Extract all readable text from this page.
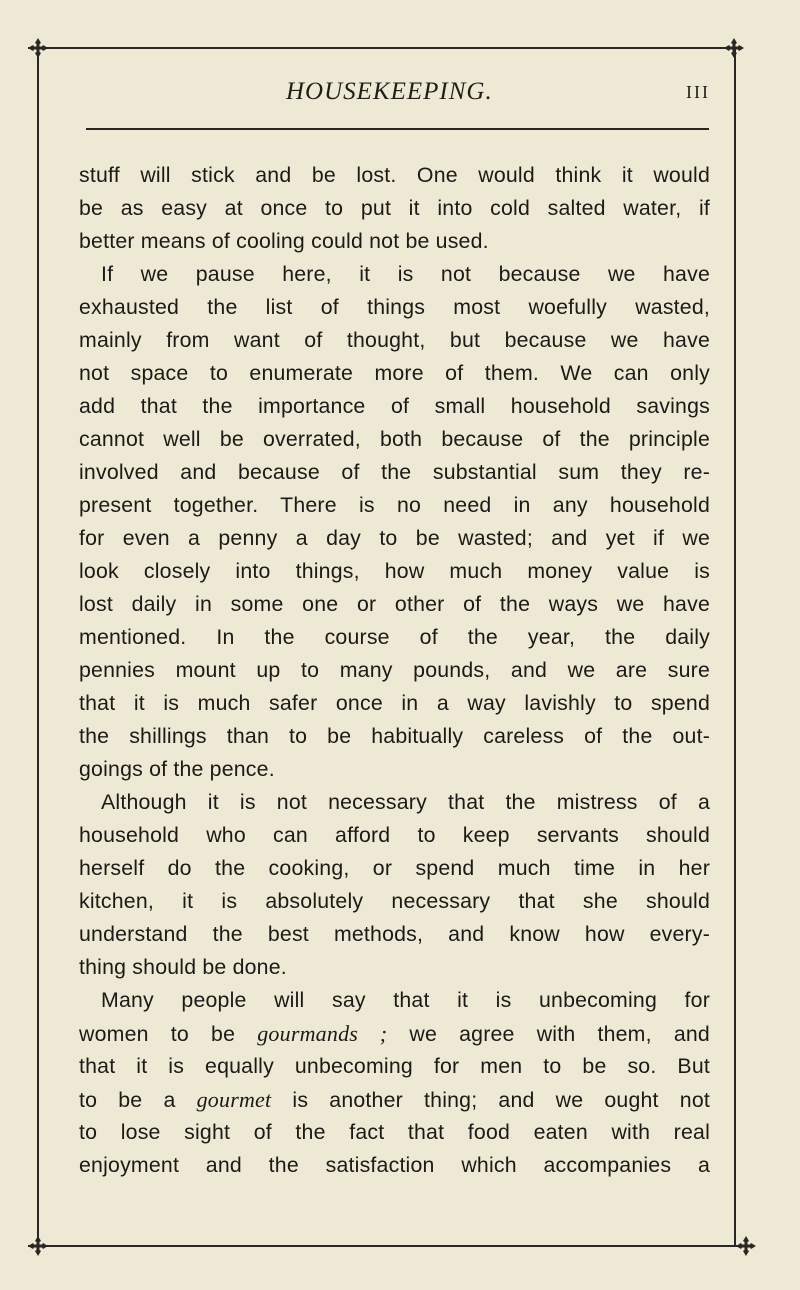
HOUSEKEEPING.	III
stuff will stick and be lost. One would think it would
be as easy at once to put it into cold salted water, if
better means of cooling could not be used.
If we pause here, it is not because we have
exhausted the list of things most woefully wasted,
mainly from want of thought, but because we have
not space to enumerate more of them. We can only
add that the importance of small household savings
cannot well be overrated, both because of the principle
involved and because of the substantial sum they re-
present together. There is no need in any household
for even a penny a day to be wasted; and yet if we
look closely into things, how much money value is
lost daily in some one or other of the ways we have
mentioned. In the course of the year, the daily
pennies mount up to many pounds, and we are sure
that it is much safer once in a way lavishly to spend
the shillings than to be habitually careless of the out-
goings of the pence.
Although it is not necessary that the mistress of a
household who can afford to keep servants should
herself do the cooking, or spend much time in her
kitchen, it is absolutely necessary that she should
understand the best methods, and know how every-
thing should be done.
Many people will say that it is unbecoming for
women to be gourmands ; we agree with them, and
that it is equally unbecoming for men to be so. But
to be a gourmet is another thing; and we ought not
to lose sight of the fact that food eaten with real
enjoyment and the satisfaction which accompanies a
